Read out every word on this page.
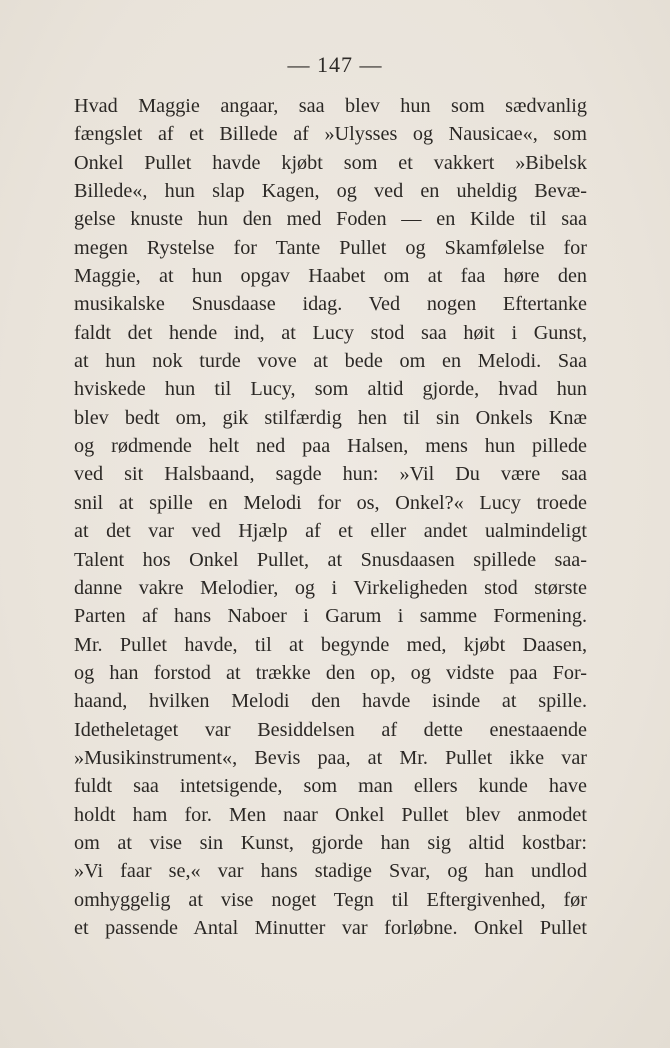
— 147 —
Hvad Maggie angaar, saa blev hun som sædvanlig
fængslet af et Billede af »Ulysses og Nausicae«, som
Onkel Pullet havde kjøbt som et vakkert »Bibelsk
Billede«, hun slap Kagen, og ved en uheldig Bevæ-
gelse knuste hun den med Foden — en Kilde til saa
megen Rystelse for Tante Pullet og Skamfølelse for
Maggie, at hun opgav Haabet om at faa høre den
musikalske Snusdaase idag. Ved nogen Eftertanke
faldt det hende ind, at Lucy stod saa høit i Gunst,
at hun nok turde vove at bede om en Melodi. Saa
hviskede hun til Lucy, som altid gjorde, hvad hun
blev bedt om, gik stilfærdig hen til sin Onkels Knæ
og rødmende helt ned paa Halsen, mens hun pillede
ved sit Halsbaand, sagde hun: »Vil Du være saa
snil at spille en Melodi for os, Onkel?« Lucy troede
at det var ved Hjælp af et eller andet ualmindeligt
Talent hos Onkel Pullet, at Snusdaasen spillede saa-
danne vakre Melodier, og i Virkeligheden stod største
Parten af hans Naboer i Garum i samme Formening.
Mr. Pullet havde, til at begynde med, kjøbt Daasen,
og han forstod at trække den op, og vidste paa For-
haand, hvilken Melodi den havde isinde at spille.
Idetheletaget var Besiddelsen af dette enestaaende
»Musikinstrument«, Bevis paa, at Mr. Pullet ikke var
fuldt saa intetsigende, som man ellers kunde have
holdt ham for. Men naar Onkel Pullet blev anmodet
om at vise sin Kunst, gjorde han sig altid kostbar:
»Vi faar se,« var hans stadige Svar, og han undlod
omhyggelig at vise noget Tegn til Eftergivenhed, før
et passende Antal Minutter var forløbne. Onkel Pullet
